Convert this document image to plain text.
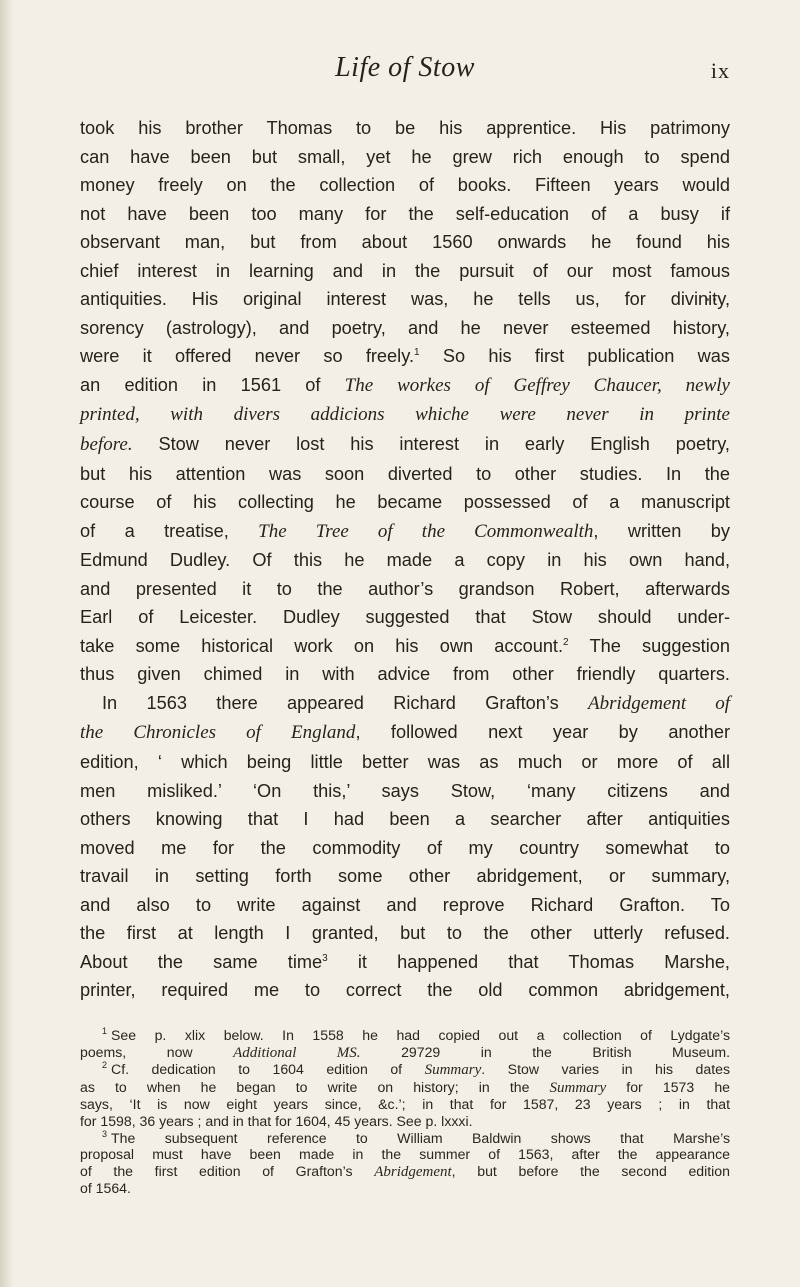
Life of Stow	ix
took his brother Thomas to be his apprentice. His patrimony
can have been but small, yet he grew rich enough to spend
money freely on the collection of books. Fifteen years would
not have been too many for the self-education of a busy if
observant man, but from about 1560 onwards he found his
chief interest in learning and in the pursuit of our most famous
antiquities. His original interest was, he tells us, for divinity,
sorency (astrology), and poetry, and he never esteemed history,
were it offered never so freely.$^1$ So his first publication was
an edition in 1561 of The workes of Geffrey Chaucer, newly
printed, with divers addicions whiche were never in printe
before. Stow never lost his interest in early English poetry,
but his attention was soon diverted to other studies. In the
course of his collecting he became possessed of a manuscript
of a treatise, The Tree of the Commonwealth, written by
Edmund Dudley. Of this he made a copy in his own hand,
and presented it to the author’s grandson Robert, afterwards
Earl of Leicester. Dudley suggested that Stow should under-
take some historical work on his own account.$^2$ The suggestion
thus given chimed in with advice from other friendly quarters.
In 1563 there appeared Richard Grafton’s Abridgement of
the Chronicles of England, followed next year by another
edition, ‘ which being little better was as much or more of all
men misliked.’ ‘On this,’ says Stow, ‘many citizens and
others knowing that I had been a searcher after antiquities
moved me for the commodity of my country somewhat to
travail in setting forth some other abridgement, or summary,
and also to write against and reprove Richard Grafton. To
the first at length I granted, but to the other utterly refused.
About the same time$^3$ it happened that Thomas Marshe,
printer, required me to correct the old common abridgement,
$^1$ See p. xlix below. In 1558 he had copied out a collection of Lydgate’s
poems, now Additional MS. 29729 in the British Museum.
$^2$ Cf. dedication to 1604 edition of Summary. Stow varies in his dates
as to when he began to write on history; in the Summary for 1573 he
says, ‘It is now eight years since, &c.’; in that for 1587, 23 years ; in that
for 1598, 36 years ; and in that for 1604, 45 years. See p. lxxxi.
$^3$ The subsequent reference to William Baldwin shows that Marshe’s
proposal must have been made in the summer of 1563, after the appearance
of the first edition of Grafton’s Abridgement, but before the second edition
of 1564.
